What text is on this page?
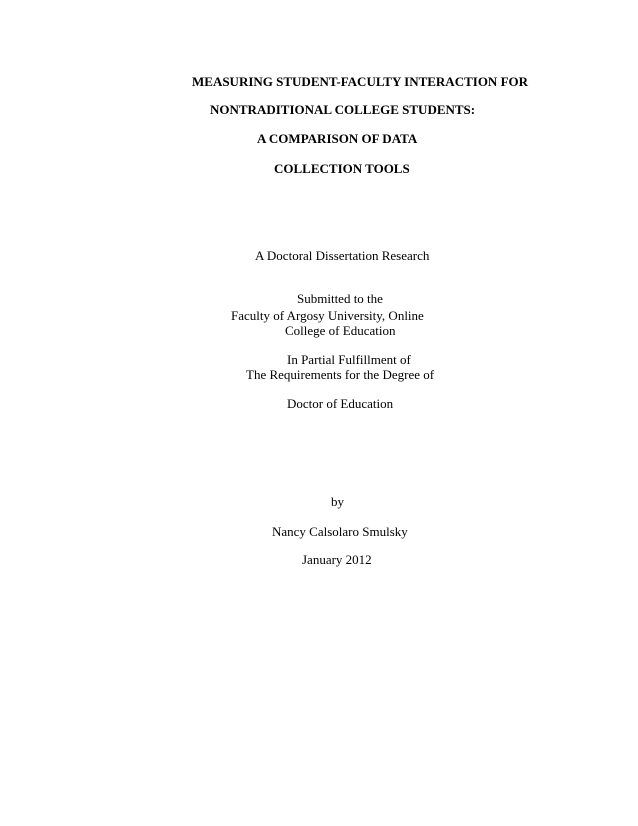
MEASURING STUDENT-FACULTY INTERACTION FOR
NONTRADITIONAL COLLEGE STUDENTS:
A COMPARISON OF DATA
COLLECTION TOOLS
A Doctoral Dissertation Research
Submitted to the
Faculty of Argosy University, Online
College of Education
In Partial Fulfillment of
The Requirements for the Degree of
Doctor of Education
by
Nancy Calsolaro Smulsky
January 2012
